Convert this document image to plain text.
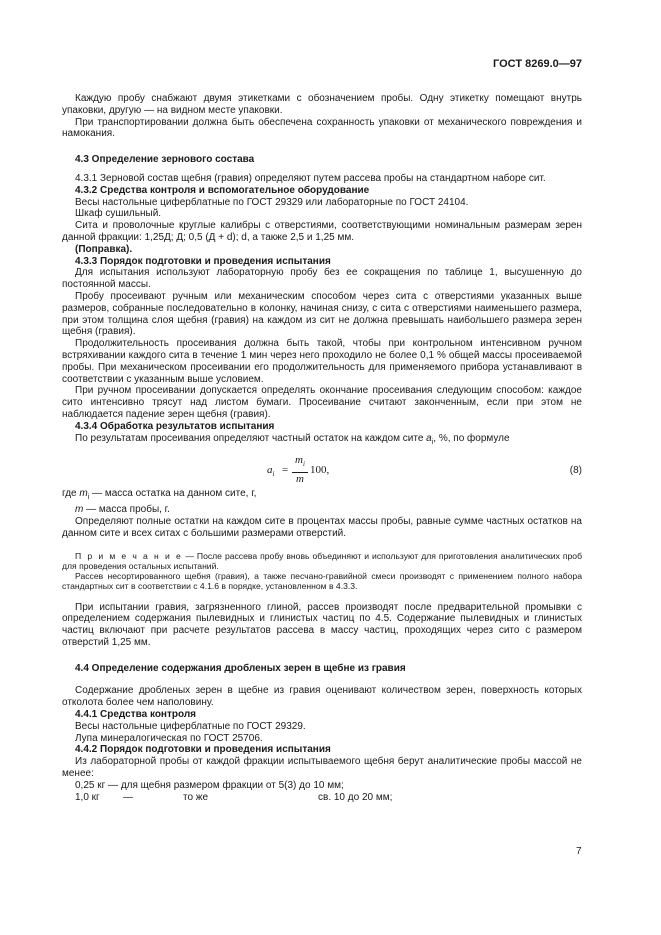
ГОСТ 8269.0—97

Каждую пробу снабжают двумя этикетками с обозначением пробы. Одну этикетку помещают внутрь упаковки, другую — на видном месте упаковки.

При транспортировании должна быть обеспечена сохранность упаковки от механического повреждения и намокания.

4.3 Определение зернового состава

4.3.1 Зерновой состав щебня (гравия) определяют путем рассева пробы на стандартном наборе сит.

4.3.2 Средства контроля и вспомогательное оборудование

Весы настольные циферблатные по ГОСТ 29329 или лабораторные по ГОСТ 24104.

Шкаф сушильный.

Сита и проволочные круглые калибры с отверстиями, соответствующими номинальным размерам зерен данной фракции: 1,25Д; Д; 0,5 (Д + d); d, а также 2,5 и 1,25 мм.

(Поправка).

4.3.3 Порядок подготовки и проведения испытания

Для испытания используют лабораторную пробу без ее сокращения по таблице 1, высушенную до постоянной массы.

Пробу просеивают ручным или механическим способом через сита с отверстиями указанных выше размеров, собранные последовательно в колонку, начиная снизу, с сита с отверстиями наименьшего размера, при этом толщина слоя щебня (гравия) на каждом из сит не должна превышать наибольшего размера зерен щебня (гравия).

Продолжительность просеивания должна быть такой, чтобы при контрольном интенсивном ручном встряхивании каждого сита в течение 1 мин через него проходило не более 0,1 % общей массы просеиваемой пробы. При механическом просеивании его продолжительность для применяемого прибора устанавливают в соответствии с указанным выше условием.

При ручном просеивании допускается определять окончание просеивания следующим способом: каждое сито интенсивно трясут над листом бумаги. Просеивание считают законченным, если при этом не наблюдается падение зерен щебня (гравия).

4.3.4 Обработка результатов испытания

По результатам просеивания определяют частный остаток на каждом сите $a_i$, %, по формуле

$a_i = \frac{m_i}{m} 100$,	(8)

где $m_i$ — масса остатка на данном сите, г,

m — масса пробы, г.

Определяют полные остатки на каждом сите в процентах массы пробы, равные сумме частных остатков на данном сите и всех ситах с большими размерами отверстий.

П р и м е ч а н и е — После рассева пробу вновь объединяют и используют для приготовления аналитических проб для проведения остальных испытаний.

Рассев несортированного щебня (гравия), а также песчано-гравийной смеси производят с применением полного набора стандартных сит в соответствии с 4.1.6 в порядке, установленном в 4.3.3.

При испытании гравия, загрязненного глиной, рассев производят после предварительной промывки с определением содержания пылевидных и глинистых частиц по 4.5. Содержание пылевидных и глинистых частиц включают при расчете результатов рассева в массу частиц, проходящих через сито с размером отверстий 1,25 мм.

4.4 Определение содержания дробленых зерен в щебне из гравия

Содержание дробленых зерен в щебне из гравия оценивают количеством зерен, поверхность которых отколота более чем наполовину.

4.4.1 Средства контроля

Весы настольные циферблатные по ГОСТ 29329.

Лупа минералогическая по ГОСТ 25706.

4.4.2 Порядок подготовки и проведения испытания

Из лабораторной пробы от каждой фракции испытываемого щебня берут аналитические пробы массой не менее:

0,25 кг — для щебня размером фракции от 5(3) до 10 мм;

1,0 кг	—	то же	св. 10 до 20 мм;
7
